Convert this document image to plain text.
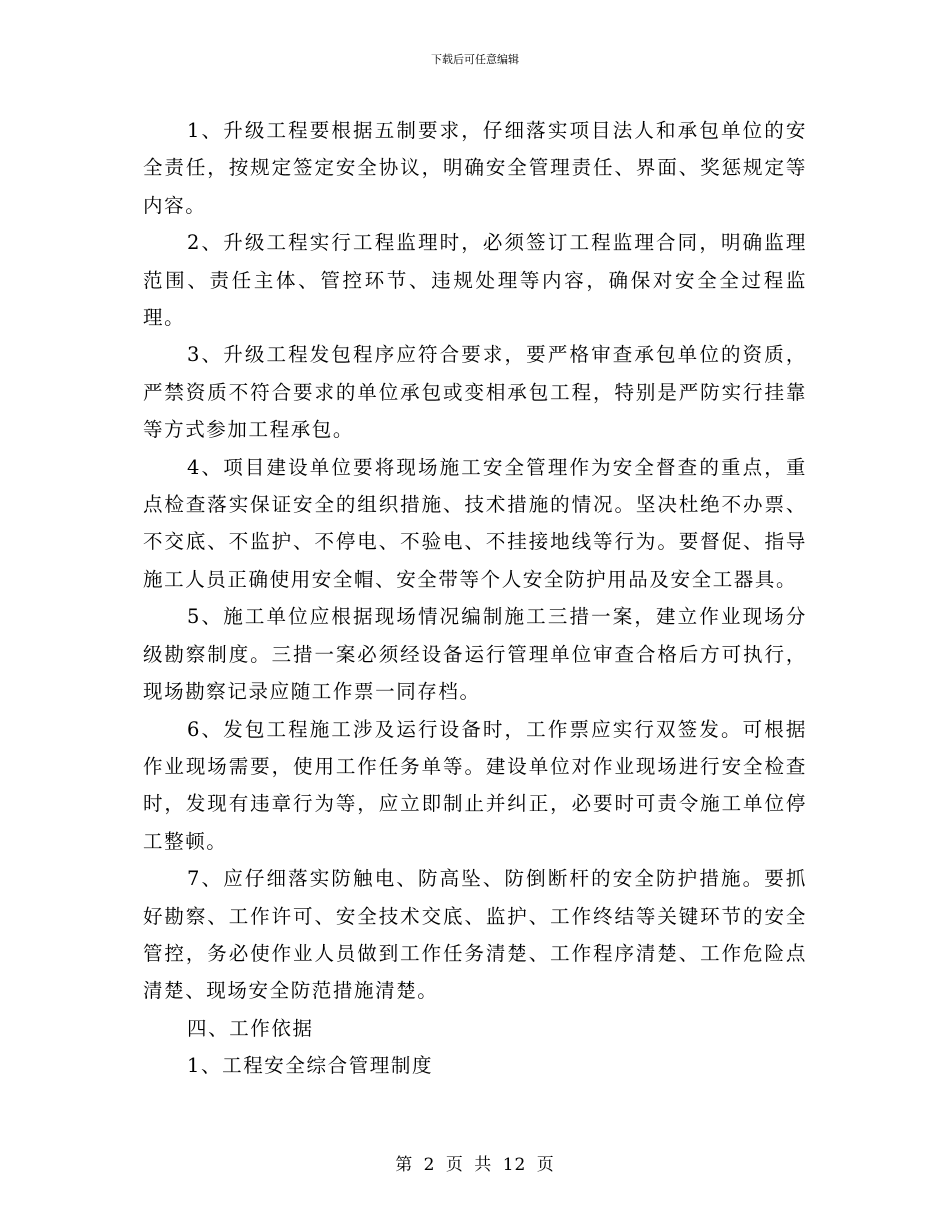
下载后可任意编辑

1、升级工程要根据五制要求，仔细落实项目法人和承包单位的安全责任，按规定签定安全协议，明确安全管理责任、界面、奖惩规定等内容。

2、升级工程实行工程监理时，必须签订工程监理合同，明确监理范围、责任主体、管控环节、违规处理等内容，确保对安全全过程监理。

3、升级工程发包程序应符合要求，要严格审查承包单位的资质，严禁资质不符合要求的单位承包或变相承包工程，特别是严防实行挂靠等方式参加工程承包。

4、项目建设单位要将现场施工安全管理作为安全督查的重点，重点检查落实保证安全的组织措施、技术措施的情况。坚决杜绝不办票、不交底、不监护、不停电、不验电、不挂接地线等行为。要督促、指导施工人员正确使用安全帽、安全带等个人安全防护用品及安全工器具。

5、施工单位应根据现场情况编制施工三措一案，建立作业现场分级勘察制度。三措一案必须经设备运行管理单位审查合格后方可执行，现场勘察记录应随工作票一同存档。

6、发包工程施工涉及运行设备时，工作票应实行双签发。可根据作业现场需要，使用工作任务单等。建设单位对作业现场进行安全检查时，发现有违章行为等，应立即制止并纠正，必要时可责令施工单位停工整顿。

7、应仔细落实防触电、防高坠、防倒断杆的安全防护措施。要抓好勘察、工作许可、安全技术交底、监护、工作终结等关键环节的安全管控，务必使作业人员做到工作任务清楚、工作程序清楚、工作危险点清楚、现场安全防范措施清楚。

四、工作依据

1、工程安全综合管理制度

第 2 页 共 12 页
